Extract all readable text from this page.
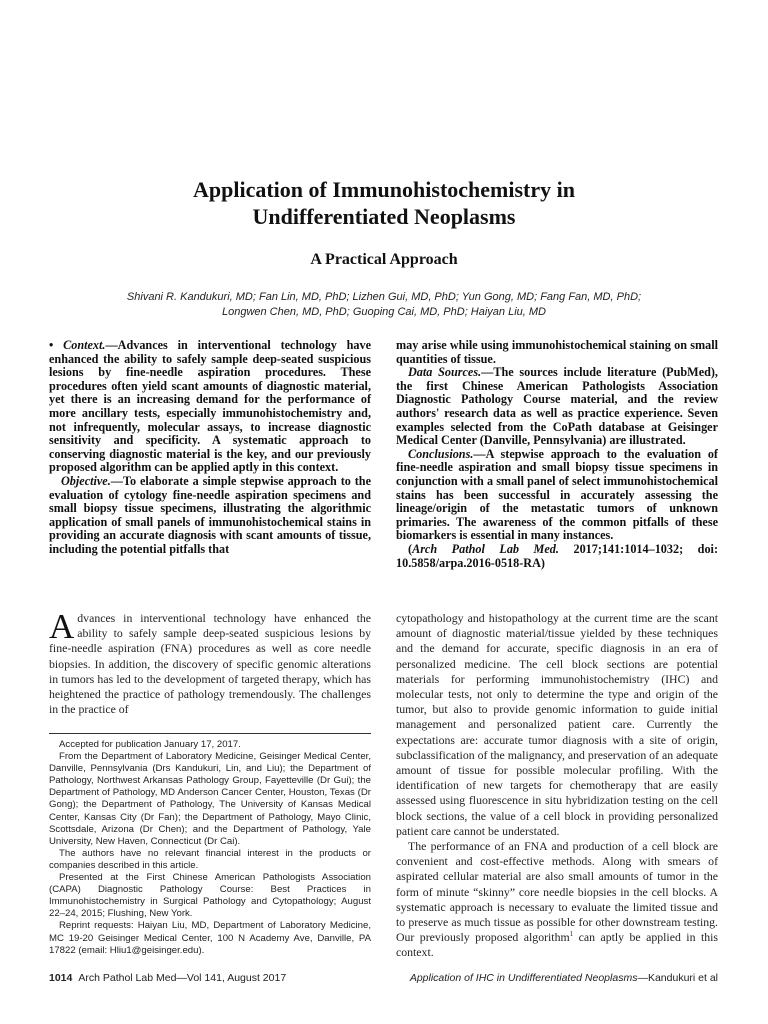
Application of Immunohistochemistry in
Undifferentiated Neoplasms
A Practical Approach
Shivani R. Kandukuri, MD; Fan Lin, MD, PhD; Lizhen Gui, MD, PhD; Yun Gong, MD; Fang Fan, MD, PhD;
Longwen Chen, MD, PhD; Guoping Cai, MD, PhD; Haiyan Liu, MD

• Context.—Advances in interventional technology have enhanced the ability to safely sample deep-seated suspicious lesions by fine-needle aspiration procedures. These procedures often yield scant amounts of diagnostic material, yet there is an increasing demand for the performance of more ancillary tests, especially immunohistochemistry and, not infrequently, molecular assays, to increase diagnostic sensitivity and specificity. A systematic approach to conserving diagnostic material is the key, and our previously proposed algorithm can be applied aptly in this context.

Objective.—To elaborate a simple stepwise approach to the evaluation of cytology fine-needle aspiration specimens and small biopsy tissue specimens, illustrating the algorithmic application of small panels of immunohistochemical stains in providing an accurate diagnosis with scant amounts of tissue, including the potential pitfalls that

may arise while using immunohistochemical staining on small quantities of tissue.

Data Sources.—The sources include literature (PubMed), the first Chinese American Pathologists Association Diagnostic Pathology Course material, and the review authors' research data as well as practice experience. Seven examples selected from the CoPath database at Geisinger Medical Center (Danville, Pennsylvania) are illustrated.

Conclusions.—A stepwise approach to the evaluation of fine-needle aspiration and small biopsy tissue specimens in conjunction with a small panel of select immunohistochemical stains has been successful in accurately assessing the lineage/origin of the metastatic tumors of unknown primaries. The awareness of the common pitfalls of these biomarkers is essential in many instances.

(Arch Pathol Lab Med. 2017;141:1014–1032; doi: 10.5858/arpa.2016-0518-RA)

Advances in interventional technology have enhanced the ability to safely sample deep-seated suspicious lesions by fine-needle aspiration (FNA) procedures as well as core needle biopsies. In addition, the discovery of specific genomic alterations in tumors has led to the development of targeted therapy, which has heightened the practice of pathology tremendously. The challenges in the practice of

Accepted for publication January 17, 2017.

From the Department of Laboratory Medicine, Geisinger Medical Center, Danville, Pennsylvania (Drs Kandukuri, Lin, and Liu); the Department of Pathology, Northwest Arkansas Pathology Group, Fayetteville (Dr Gui); the Department of Pathology, MD Anderson Cancer Center, Houston, Texas (Dr Gong); the Department of Pathology, The University of Kansas Medical Center, Kansas City (Dr Fan); the Department of Pathology, Mayo Clinic, Scottsdale, Arizona (Dr Chen); and the Department of Pathology, Yale University, New Haven, Connecticut (Dr Cai).

The authors have no relevant financial interest in the products or companies described in this article.

Presented at the First Chinese American Pathologists Association (CAPA) Diagnostic Pathology Course: Best Practices in Immunohistochemistry in Surgical Pathology and Cytopathology; August 22–24, 2015; Flushing, New York.

Reprint requests: Haiyan Liu, MD, Department of Laboratory Medicine, MC 19-20 Geisinger Medical Center, 100 N Academy Ave, Danville, PA 17822 (email: Hliu1@geisinger.edu).

cytopathology and histopathology at the current time are the scant amount of diagnostic material/tissue yielded by these techniques and the demand for accurate, specific diagnosis in an era of personalized medicine. The cell block sections are potential materials for performing immunohistochemistry (IHC) and molecular tests, not only to determine the type and origin of the tumor, but also to provide genomic information to guide initial management and personalized patient care. Currently the expectations are: accurate tumor diagnosis with a site of origin, subclassification of the malignancy, and preservation of an adequate amount of tissue for possible molecular profiling. With the identification of new targets for chemotherapy that are easily assessed using fluorescence in situ hybridization testing on the cell block sections, the value of a cell block in providing personalized patient care cannot be understated.

The performance of an FNA and production of a cell block are convenient and cost-effective methods. Along with smears of aspirated cellular material are also small amounts of tumor in the form of minute “skinny” core needle biopsies in the cell blocks. A systematic approach is necessary to evaluate the limited tissue and to preserve as much tissue as possible for other downstream testing. Our previously proposed algorithm$^1$ can aptly be applied in this context.

1014 Arch Pathol Lab Med—Vol 141, August 2017	Application of IHC in Undifferentiated Neoplasms—Kandukuri et al
